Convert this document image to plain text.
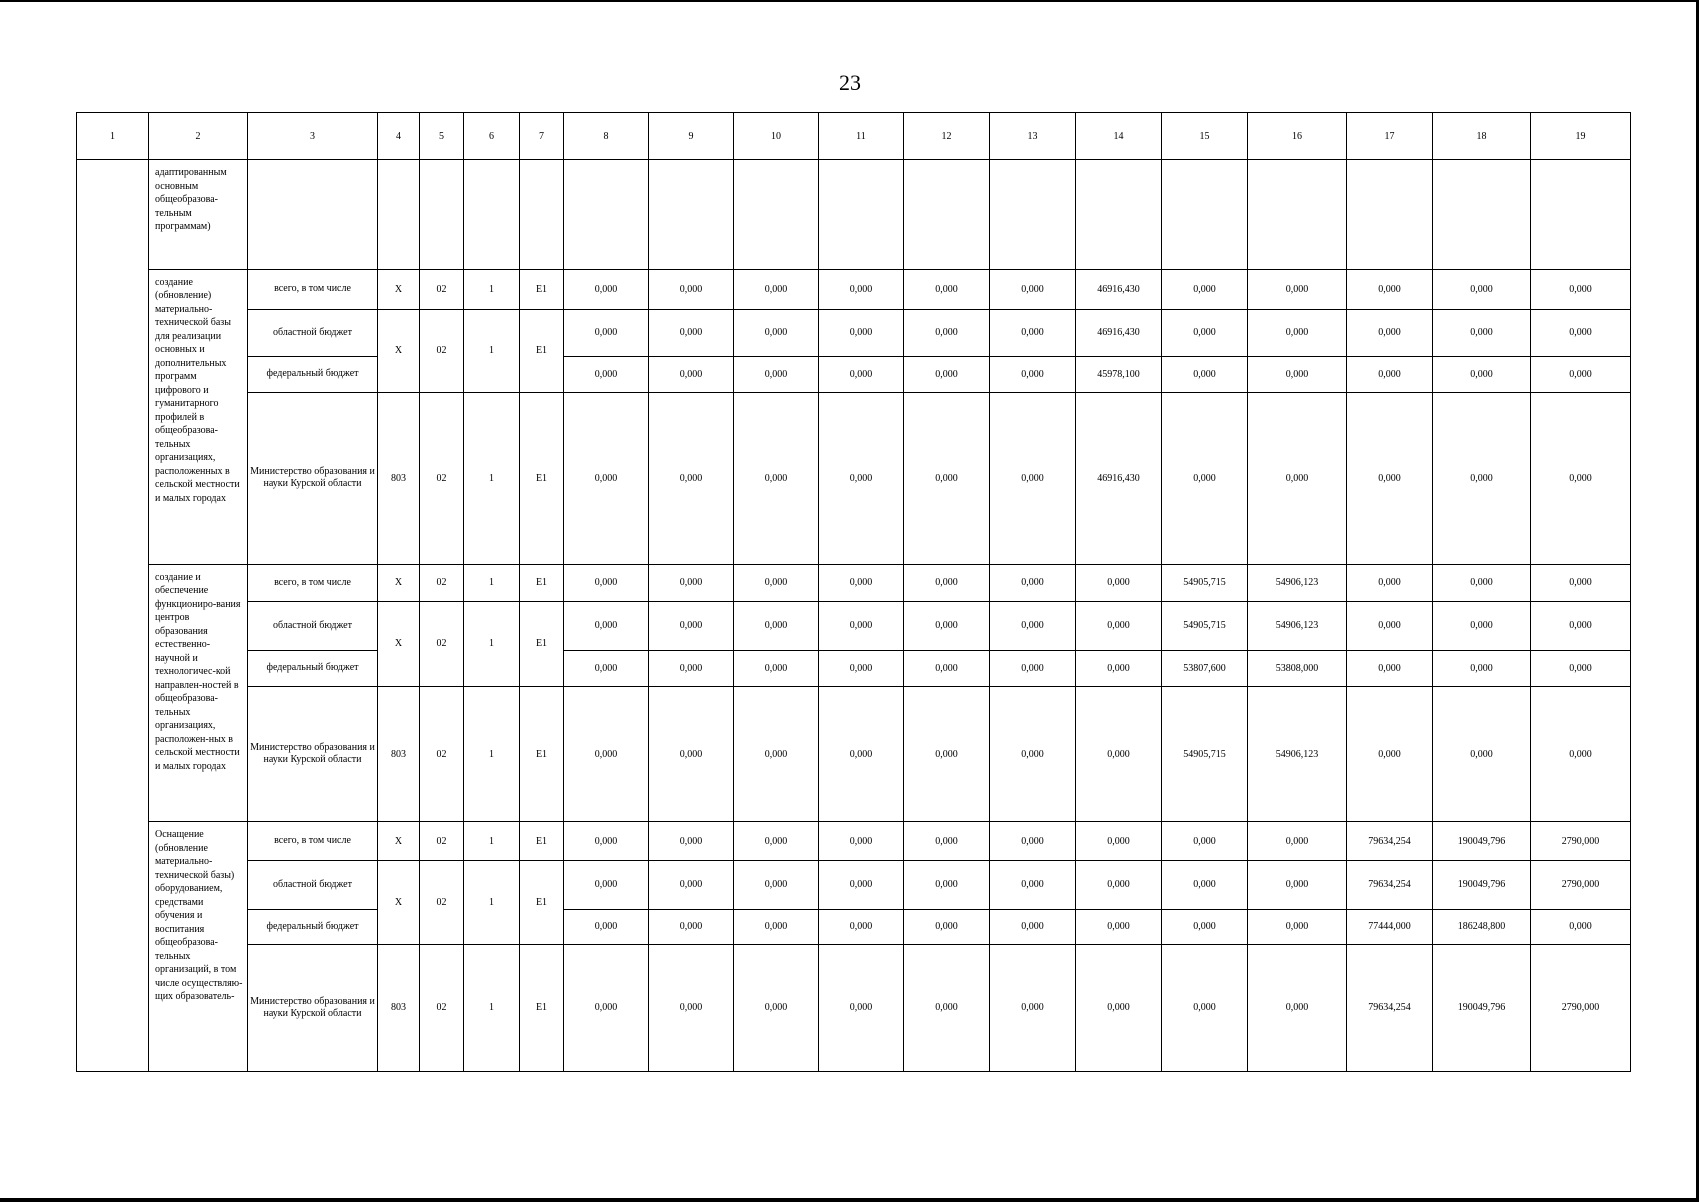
23
1	2	3	4	5	6	7	8	9	10	11	12	13	14	15	16	17	18	19
	адаптированным основным общеобразова-тельным программам)																	
	создание (обновление) материально-технической базы для реализации основных и дополнительных программ цифрового и гуманитарного профилей в общеобразова-тельных организациях, расположенных в сельской местности и малых городах	всего, в том числе	X	02	1	E1	0,000	0,000	0,000	0,000	0,000	0,000	46916,430	0,000	0,000	0,000	0,000	0,000
		областной бюджет	X	02	1	E1	0,000	0,000	0,000	0,000	0,000	0,000	46916,430	0,000	0,000	0,000	0,000	0,000
		федеральный бюджет					0,000	0,000	0,000	0,000	0,000	0,000	45978,100	0,000	0,000	0,000	0,000	0,000
		Министерство образования и науки Курской области	803	02	1	E1	0,000	0,000	0,000	0,000	0,000	0,000	46916,430	0,000	0,000	0,000	0,000	0,000
	создание и обеспечение функциониро-вания центров образования естественно-научной и технологичес-кой направлен-ностей в общеобразова-тельных организациях, расположен-ных в сельской местности и малых городах	всего, в том числе	X	02	1	E1	0,000	0,000	0,000	0,000	0,000	0,000	0,000	54905,715	54906,123	0,000	0,000	0,000
		областной бюджет	X	02	1	E1	0,000	0,000	0,000	0,000	0,000	0,000	0,000	54905,715	54906,123	0,000	0,000	0,000
		федеральный бюджет					0,000	0,000	0,000	0,000	0,000	0,000	0,000	53807,600	53808,000	0,000	0,000	0,000
		Министерство образования и науки Курской области	803	02	1	E1	0,000	0,000	0,000	0,000	0,000	0,000	0,000	54905,715	54906,123	0,000	0,000	0,000
	Оснащение (обновление материально-технической базы) оборудованием, средствами обучения и воспитания общеобразова-тельных организаций, в том числе осуществляю-щих образователь-	всего, в том числе	X	02	1	E1	0,000	0,000	0,000	0,000	0,000	0,000	0,000	0,000	0,000	79634,254	190049,796	2790,000
		областной бюджет	X	02	1	E1	0,000	0,000	0,000	0,000	0,000	0,000	0,000	0,000	0,000	79634,254	190049,796	2790,000
		федеральный бюджет					0,000	0,000	0,000	0,000	0,000	0,000	0,000	0,000	0,000	77444,000	186248,800	0,000
		Министерство образования и науки Курской области	803	02	1	E1	0,000	0,000	0,000	0,000	0,000	0,000	0,000	0,000	0,000	79634,254	190049,796	2790,000
